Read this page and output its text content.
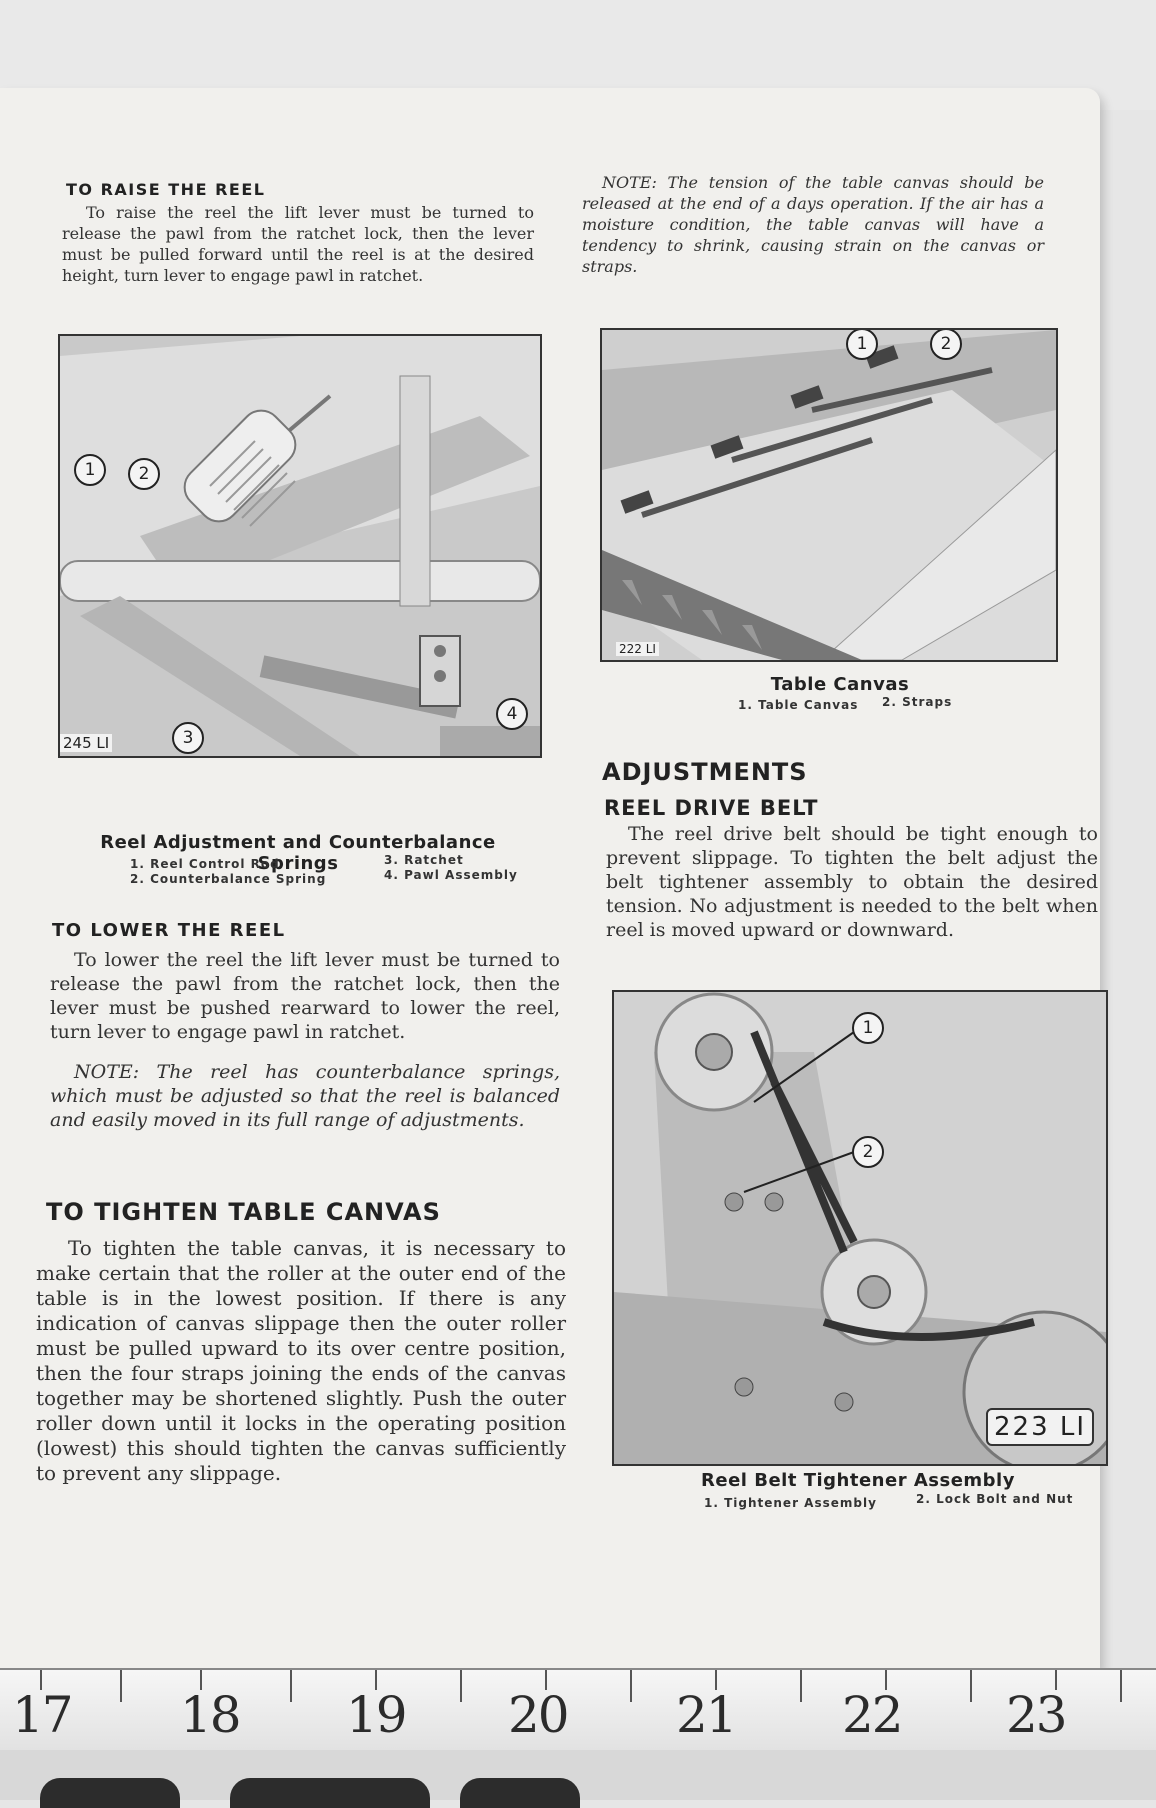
TO RAISE THE REEL

To raise the reel the lift lever must be turned to release the pawl from the ratchet lock, then the lever must be pulled forward until the reel is at the desired height, turn lever to engage pawl in ratchet.

NOTE: The tension of the table canvas should be released at the end of a days operation. If the air has a moisture condition, the table canvas will have a tendency to shrink, causing strain on the canvas or straps.

1	2
3
4
245 LI
Reel Adjustment and Counterbalance Springs
1. Reel Control Rod
2. Counterbalance Spring
3. Ratchet
4. Pawl Assembly
1	2
222 LI
Table Canvas
1. Table Canvas 2. Straps
ADJUSTMENTS
REEL DRIVE BELT

The reel drive belt should be tight enough to prevent slippage. To tighten the belt adjust the belt tightener assembly to obtain the desired tension. No adjustment is needed to the belt when reel is moved upward or downward.

TO LOWER THE REEL

To lower the reel the lift lever must be turned to release the pawl from the ratchet lock, then the lever must be pushed rearward to lower the reel, turn lever to engage pawl in ratchet.

NOTE: The reel has counterbalance springs, which must be adjusted so that the reel is balanced and easily moved in its full range of adjustments.

TO TIGHTEN TABLE CANVAS

To tighten the table canvas, it is necessary to make certain that the roller at the outer end of the table is in the lowest position. If there is any indication of canvas slippage then the outer roller must be pulled upward to its over centre position, then the four straps joining the ends of the canvas together may be shortened slightly. Push the outer roller down until it locks in the operating position (lowest) this should tighten the canvas sufficiently to prevent any slippage.

1
2
223 LI
Reel Belt Tightener Assembly
1. Tightener Assembly	2. Lock Bolt and Nut
17 18 19 20 21 22 23
